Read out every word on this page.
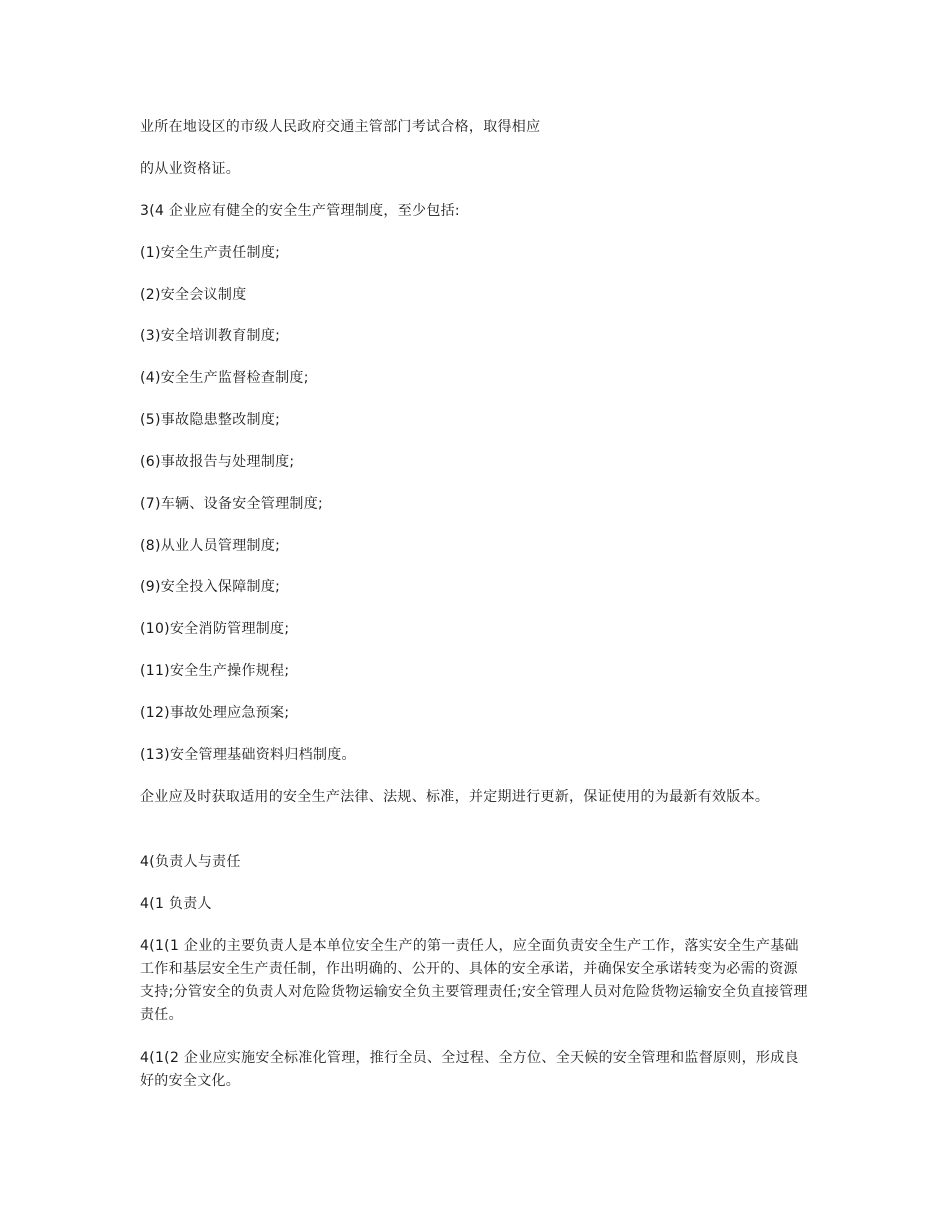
业所在地设区的市级人民政府交通主管部门考试合格，取得相应
的从业资格证。
3(4 企业应有健全的安全生产管理制度，至少包括:
(1)安全生产责任制度;
(2)安全会议制度
(3)安全培训教育制度;
(4)安全生产监督检查制度;
(5)事故隐患整改制度;
(6)事故报告与处理制度;
(7)车辆、设备安全管理制度;
(8)从业人员管理制度;
(9)安全投入保障制度;
(10)安全消防管理制度;
(11)安全生产操作规程;
(12)事故处理应急预案;
(13)安全管理基础资料归档制度。
企业应及时获取适用的安全生产法律、法规、标准，并定期进行更新，保证使用的为最新有效版本。
4(负责人与责任
4(1 负责人
4(1(1 企业的主要负责人是本单位安全生产的第一责任人，应全面负责安全生产工作，落实安全生产基础工作和基层安全生产责任制，作出明确的、公开的、具体的安全承诺，并确保安全承诺转变为必需的资源支持;分管安全的负责人对危险货物运输安全负主要管理责任;安全管理人员对危险货物运输安全负直接管理责任。
4(1(2 企业应实施安全标准化管理，推行全员、全过程、全方位、全天候的安全管理和监督原则，形成良好的安全文化。
